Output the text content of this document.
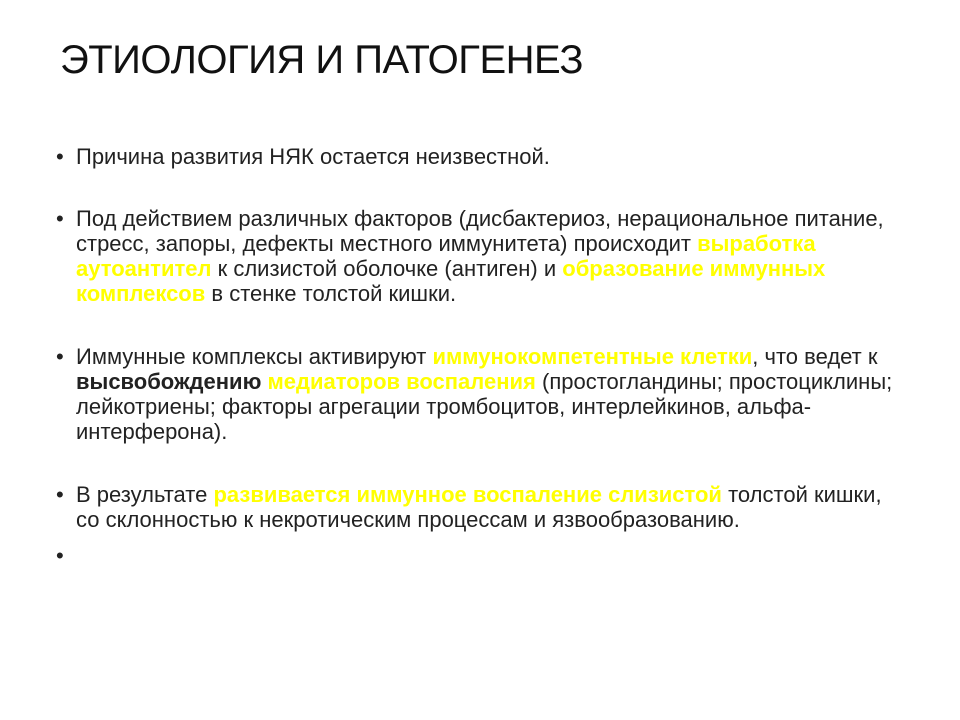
ЭТИОЛОГИЯ И ПАТОГЕНЕЗ
• Причина развития НЯК остается неизвестной.
• Под действием различных факторов (дисбактериоз, нерациональное питание, стресс, запоры, дефекты местного иммунитета) происходит выработка аутоантител к слизистой оболочке (антиген) и образование иммунных комплексов в стенке толстой кишки.
• Иммунные комплексы активируют иммунокомпетентные клетки, что ведет к высвобождению медиаторов воспаления (простогландины; простоциклины; лейкотриены; факторы агрегации тромбоцитов, интерлейкинов, альфа-интерферона).
• В результате развивается иммунное воспаление слизистой толстой кишки, со склонностью к некротическим процессам и язвообразованию.
•
